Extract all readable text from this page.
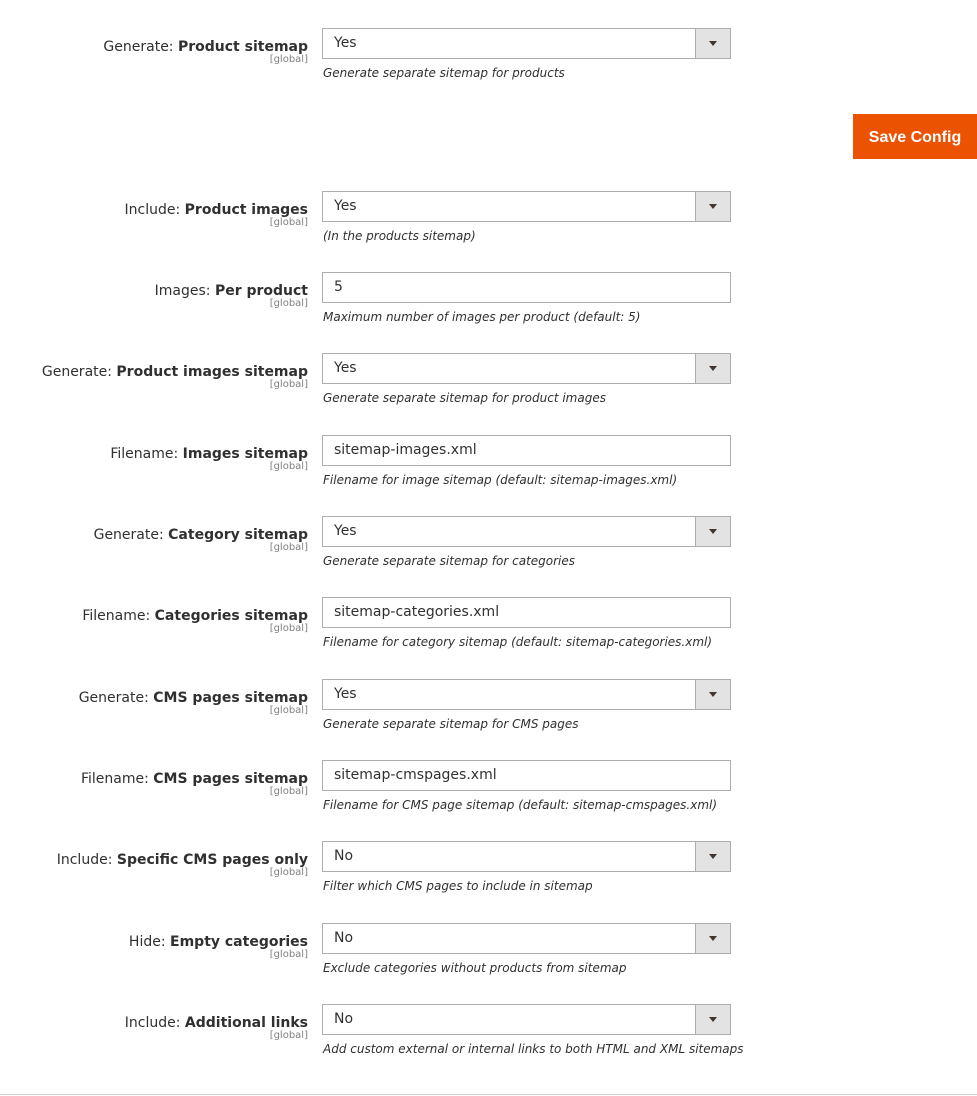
Save Config
Generate: Product sitemap
[global]
Yes
Generate separate sitemap for products
Include: Product images
[global]
Yes
(In the products sitemap)
Images: Per product
[global]
5
Maximum number of images per product (default: 5)
Generate: Product images sitemap
[global]
Yes
Generate separate sitemap for product images
Filename: Images sitemap
[global]
sitemap-images.xml
Filename for image sitemap (default: sitemap-images.xml)
Generate: Category sitemap
[global]
Yes
Generate separate sitemap for categories
Filename: Categories sitemap
[global]
sitemap-categories.xml
Filename for category sitemap (default: sitemap-categories.xml)
Generate: CMS pages sitemap
[global]
Yes
Generate separate sitemap for CMS pages
Filename: CMS pages sitemap
[global]
sitemap-cmspages.xml
Filename for CMS page sitemap (default: sitemap-cmspages.xml)
Include: Specific CMS pages only
[global]
No
Filter which CMS pages to include in sitemap
Hide: Empty categories
[global]
No
Exclude categories without products from sitemap
Include: Additional links
[global]
No
Add custom external or internal links to both HTML and XML sitemaps
